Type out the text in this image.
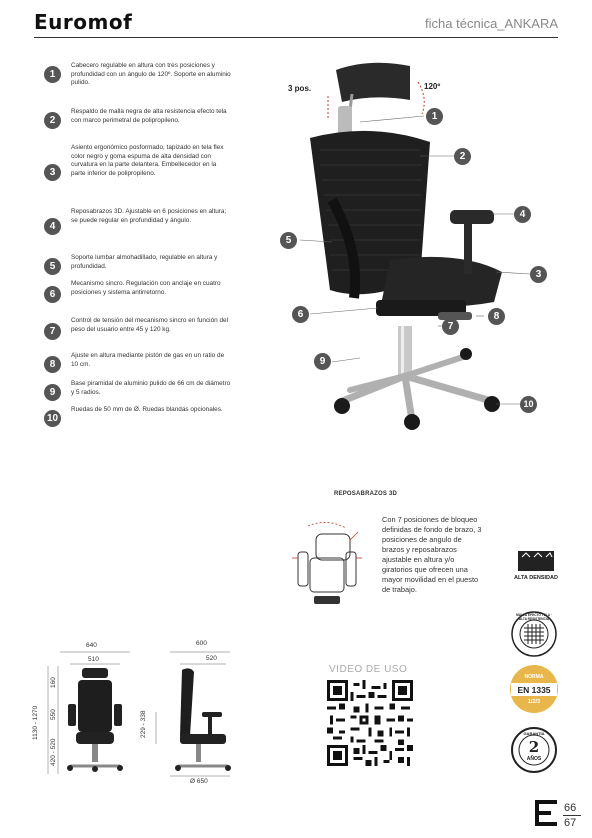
Euromof	ficha técnica_ANKARA
1
Cabecero regulable en altura con tres posiciones y profundidad con un ángulo de 120º. Soporte en aluminio pulido.
2
Respaldo de malla negra de alta resistencia efecto tela con marco perimetral de polipropileno.
3
Asiento ergonómico posformado, tapizado en tela flex color negro y goma espuma de alta densidad con curvatura en la parte delantera. Embellecedor en la parte inferior de polipropileno.
4
Reposabrazos 3D. Ajustable en 6 posiciones en altura; se puede regular en profundidad y ángulo.
5
Soporte lumbar almohadillado, regulable en altura y profundidad.
6
Mecanismo sincro. Regulación con anclaje en cuatro posiciones y sistema antirretorno.
7
Control de tensión del mecanismo sincro en función del peso del usuario entre 45 y 120 kg.
8
Ajuste en altura mediante pistón de gas en un ratio de 10 cm.
9
Base piramidal de aluminio pulido de 66 cm de diámetro y 5 radios.
10
Ruedas de 50 mm de Ø. Ruedas blandas opcionales.
3 pos.	120º
1
2
3
4
5
6
7
8
9
10
REPOSABRAZOS 3D
Con 7 posiciones de bloqueo definidas de fondo de brazo, 3 posiciones de angulo de brazos y reposabrazos ajustable en altura y/o giratorios que ofrecen una mayor movilidad en el puesto de trabajo.
ESPUMA INYECTADA
ALTA DENSIDAD
MALLA EFECTO TELA · ALTA RESISTENCIA
NORMA
EN 1335
1/2/3
GARANTÍA
2
AÑOS
640
510
600
520
1130 - 1270
160
550
420 - 520
229 - 338
Ø 650
VIDEO DE USO
66
67
